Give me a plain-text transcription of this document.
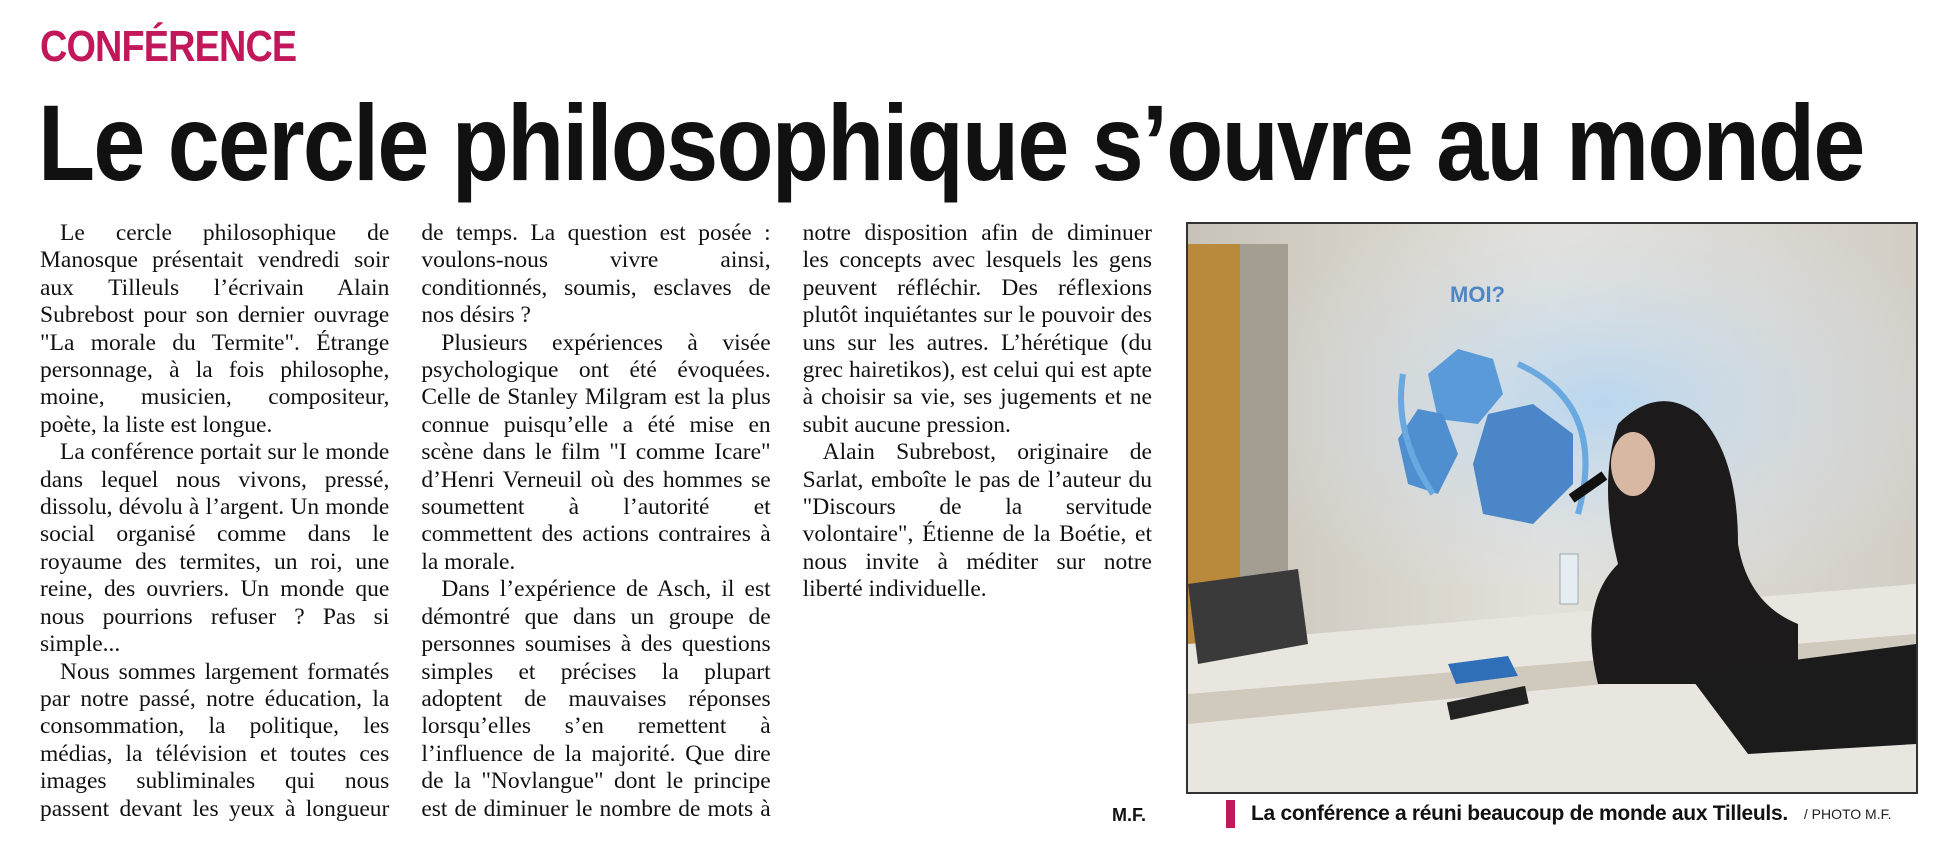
CONFÉRENCE
Le cercle philosophique s’ouvre au monde

Le cercle philosophique de Manosque présentait vendredi soir aux Tilleuls l’écrivain Alain Subrebost pour son dernier ouvrage "La morale du Termite". Étrange personnage, à la fois philosophe, moine, musicien, compositeur, poète, la liste est longue.

La conférence portait sur le monde dans lequel nous vivons, pressé, dissolu, dévolu à l’argent. Un monde social organisé comme dans le royaume des termites, un roi, une reine, des ouvriers. Un monde que nous pourrions refuser ? Pas si simple...

Nous sommes largement formatés par notre passé, notre éducation, la consommation, la politique, les médias, la télévision et toutes ces images subliminales qui nous passent devant les yeux à longueur de temps. La question est posée : voulons-nous vivre ainsi, conditionnés, soumis, esclaves de nos désirs ?

Plusieurs expériences à visée psychologique ont été évoquées. Celle de Stanley Milgram est la plus connue puisqu’elle a été mise en scène dans le film "I comme Icare" d’Henri Verneuil où des hommes se soumettent à l’autorité et commettent des actions contraires à la morale.

Dans l’expérience de Asch, il est démontré que dans un groupe de personnes soumises à des questions simples et précises la plupart adoptent de mauvaises réponses lorsqu’elles s’en remettent à l’influence de la majorité. Que dire de la "Novlangue" dont le principe est de diminuer le nombre de mots à notre disposition afin de diminuer les concepts avec lesquels les gens peuvent réfléchir. Des réflexions plutôt inquiétantes sur le pouvoir des uns sur les autres. L’hérétique (du grec hairetikos), est celui qui est apte à choisir sa vie, ses jugements et ne subit aucune pression.

Alain Subrebost, originaire de Sarlat, emboîte le pas de l’auteur du "Discours de la servitude volontaire", Étienne de la Boétie, et nous invite à méditer sur notre liberté individuelle.

M.F.
MOI?
La conférence a réuni beaucoup de monde aux Tilleuls. / PHOTO M.F.
